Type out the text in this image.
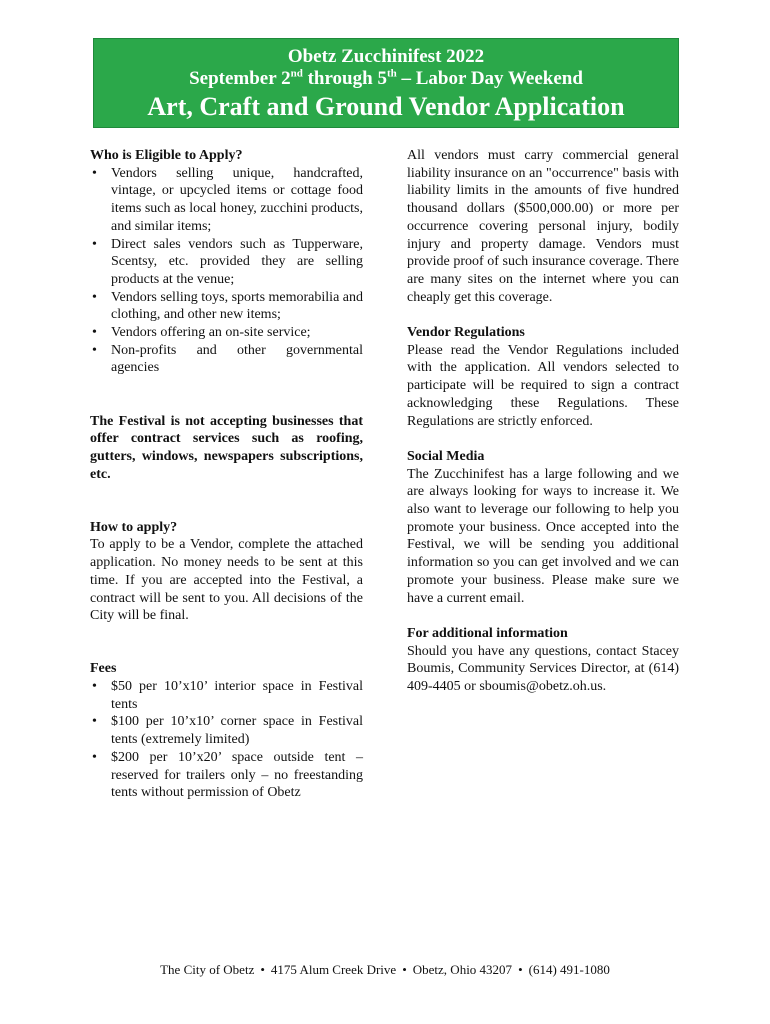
Obetz Zucchinifest 2022
September 2nd through 5th – Labor Day Weekend
Art, Craft and Ground Vendor Application
Who is Eligible to Apply?
• Vendors selling unique, handcrafted, vintage, or upcycled items or cottage food items such as local honey, zucchini products, and similar items;
• Direct sales vendors such as Tupperware, Scentsy, etc. provided they are selling products at the venue;
• Vendors selling toys, sports memorabilia and clothing, and other new items;
• Vendors offering an on-site service;
• Non-profits and other governmental agencies
The Festival is not accepting businesses that offer contract services such as roofing, gutters, windows, newspapers subscriptions, etc.
How to apply?
To apply to be a Vendor, complete the attached application. No money needs to be sent at this time. If you are accepted into the Festival, a contract will be sent to you. All decisions of the City will be final.
Fees
• $50 per 10’x10’ interior space in Festival tents
• $100 per 10’x10’ corner space in Festival tents (extremely limited)
• $200 per 10’x20’ space outside tent – reserved for trailers only – no freestanding tents without permission of Obetz
All vendors must carry commercial general liability insurance on an "occurrence" basis with liability limits in the amounts of five hundred thousand dollars ($500,000.00) or more per occurrence covering personal injury, bodily injury and property damage. Vendors must provide proof of such insurance coverage. There are many sites on the internet where you can cheaply get this coverage.
Vendor Regulations
Please read the Vendor Regulations included with the application. All vendors selected to participate will be required to sign a contract acknowledging these Regulations. These Regulations are strictly enforced.
Social Media
The Zucchinifest has a large following and we are always looking for ways to increase it. We also want to leverage our following to help you promote your business. Once accepted into the Festival, we will be sending you additional information so you can get involved and we can promote your business. Please make sure we have a current email.
For additional information
Should you have any questions, contact Stacey Boumis, Community Services Director, at (614) 409-4405 or sboumis@obetz.oh.us.
The City of Obetz • 4175 Alum Creek Drive • Obetz, Ohio 43207 • (614) 491-1080
